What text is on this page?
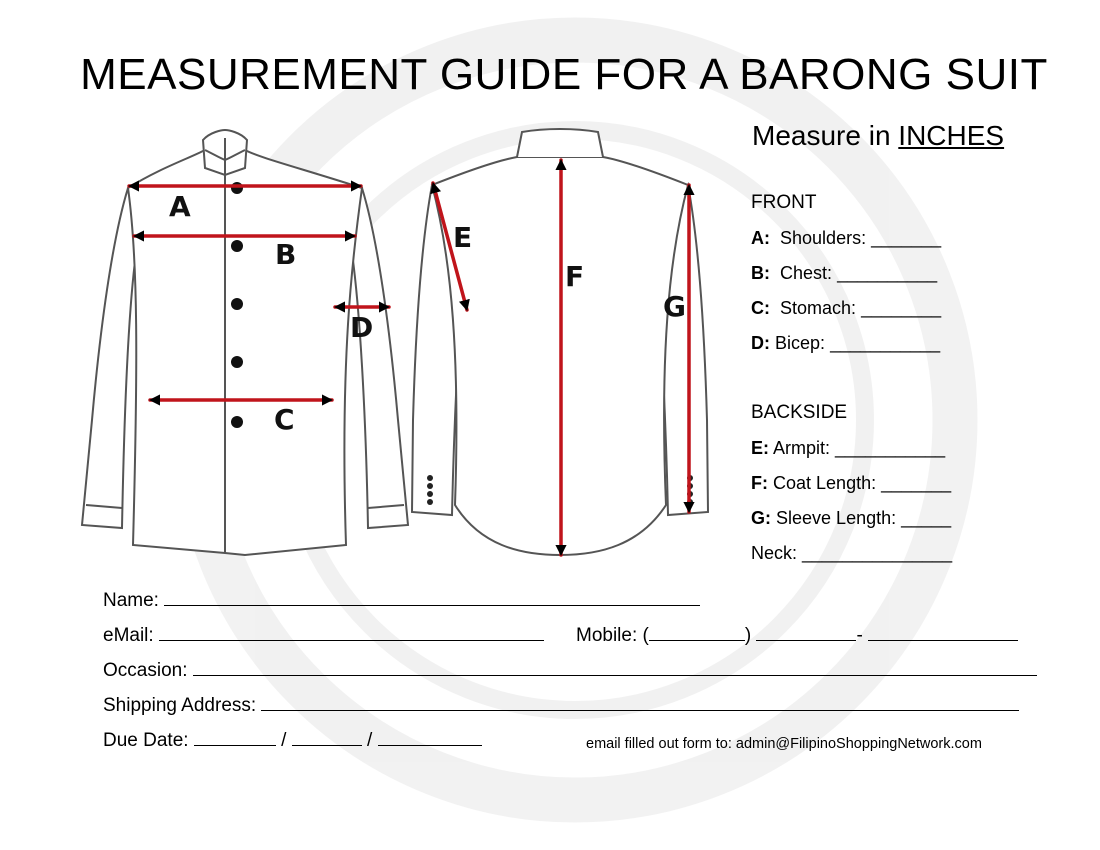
MEASUREMENT GUIDE FOR A BARONG SUIT
A
B
C
D
E
F
G
Measure in INCHES
FRONT
A: Shoulders: _______
B: Chest: __________
C: Stomach: ________
D: Bicep: ___________
BACKSIDE
E: Armpit: ___________
F: Coat Length: _______
G: Sleeve Length: _____
Neck: _______________
Name:
eMail:	Mobile: (	)	-
Occasion:
Shipping Address:
Due Date:	/	/	email filled out form to: admin@FilipinoShoppingNetwork.com
